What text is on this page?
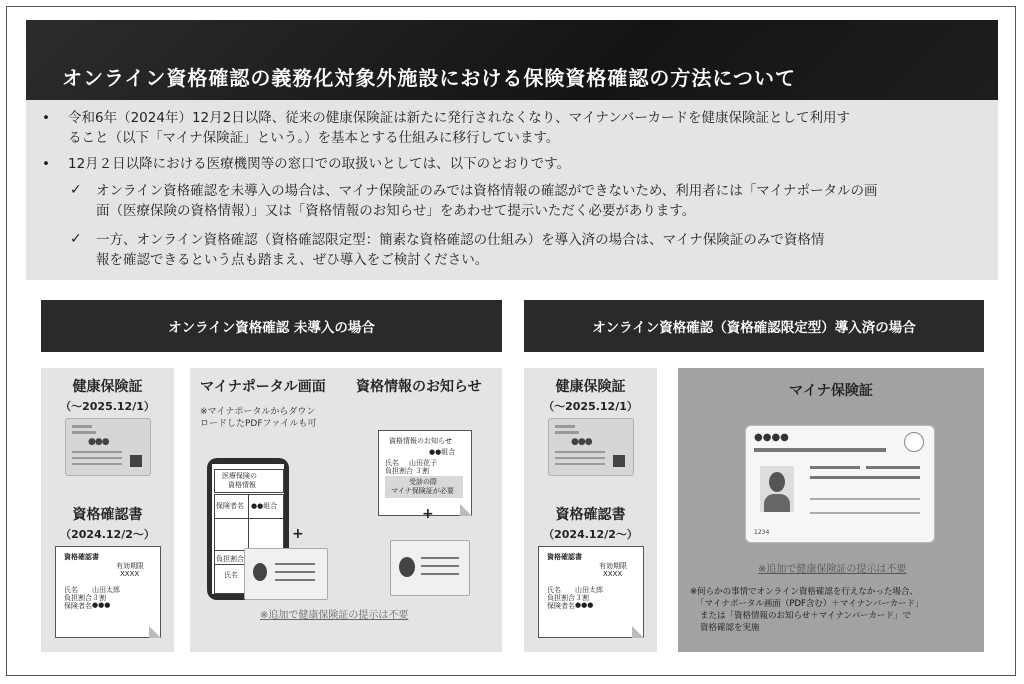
オンライン資格確認の義務化対象外施設における保険資格確認の方法について
• 令和6年（2024年）12月2日以降、従来の健康保険証は新たに発行されなくなり、マイナンバーカードを健康保険証として利用す
ること（以下「マイナ保険証」という。）を基本とする仕組みに移行しています。
• 12月２日以降における医療機関等の窓口での取扱いとしては、以下のとおりです。
✓ オンライン資格確認を未導入の場合は、マイナ保険証のみでは資格情報の確認ができないため、利用者には「マイナポータルの画
面（医療保険の資格情報）」又は「資格情報のお知らせ」をあわせて提示いただく必要があります。
✓ 一方、オンライン資格確認（資格確認限定型：簡素な資格確認の仕組み）を導入済の場合は、マイナ保険証のみで資格情
報を確認できるという点も踏まえ、ぜひ導入をご検討ください。
オンライン資格確認 未導入の場合
健康保険証
（～2025.12/1）
●●●
資格確認書
（2024.12/2～）
資格確認書
有効期限
XXXX
氏名 山田太郎
負担割合 ３割
保険者名 ●●●
マイナポータル画面	資格情報のお知らせ
※マイナポータルからダウン
ロードしたPDFファイルも可
医療保険の
資格情報
保険者名 ●●組合
負担割合
氏名
+
資格情報のお知らせ
●●組合
氏名 山田花子
負担割合 ３割
受診の際
マイナ保険証が必要
+
※追加で健康保険証の提示は不要
オンライン資格確認（資格確認限定型）導入済の場合
健康保険証
（～2025.12/1）
●●●
資格確認書
（2024.12/2～）
資格確認書
有効期限
XXXX
氏名 山田太郎
負担割合 ３割
保険者名 ●●●
マイナ保険証
●●●●
1234
※追加で健康保険証の提示は不要
※何らかの事情でオンライン資格確認を行えなかった場合、
「マイナポータル画面（PDF含む）＋マイナンバーカード」
または「資格情報のお知らせ＋マイナンバーカード」で
資格確認を実施
